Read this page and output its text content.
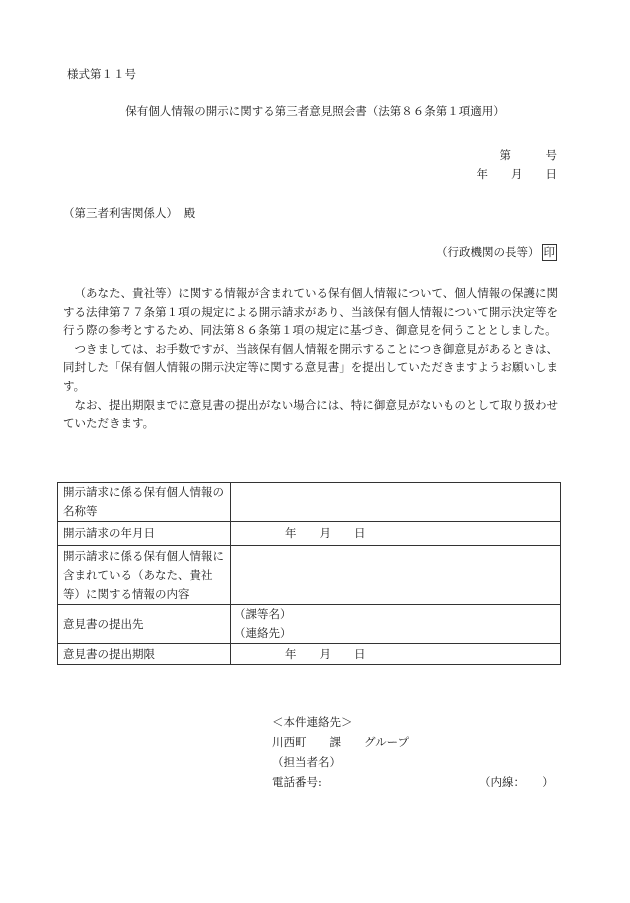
様式第１１号
保有個人情報の開示に関する第三者意見照会書（法第８６条第１項適用）
第　　　号
年　　月　　日
（第三者利害関係人）　殿
（行政機関の長等） 印

（あなた、貴社等）に関する情報が含まれている保有個人情報について、個人情報の保護に関する法律第７７条第１項の規定による開示請求があり、当該保有個人情報について開示決定等を行う際の参考とするため、同法第８６条第１項の規定に基づき、御意見を伺うこととしました。

つきましては、お手数ですが、当該保有個人情報を開示することにつき御意見があるときは、同封した「保有個人情報の開示決定等に関する意見書」を提出していただきますようお願いします。

なお、提出期限までに意見書の提出がない場合には、特に御意見がないものとして取り扱わせていただきます。

開示請求に係る保有個人情報の名称等	
開示請求の年月日	年　　月　　日
開示請求に係る保有個人情報に含まれている（あなた、貴社等）に関する情報の内容	
意見書の提出先	（課等名）
（連絡先）

意見書の提出期限	年　　月　　日
＜本件連絡先＞
川西町　　課　　グループ
（担当者名）
電話番号:	（内線：　　）
